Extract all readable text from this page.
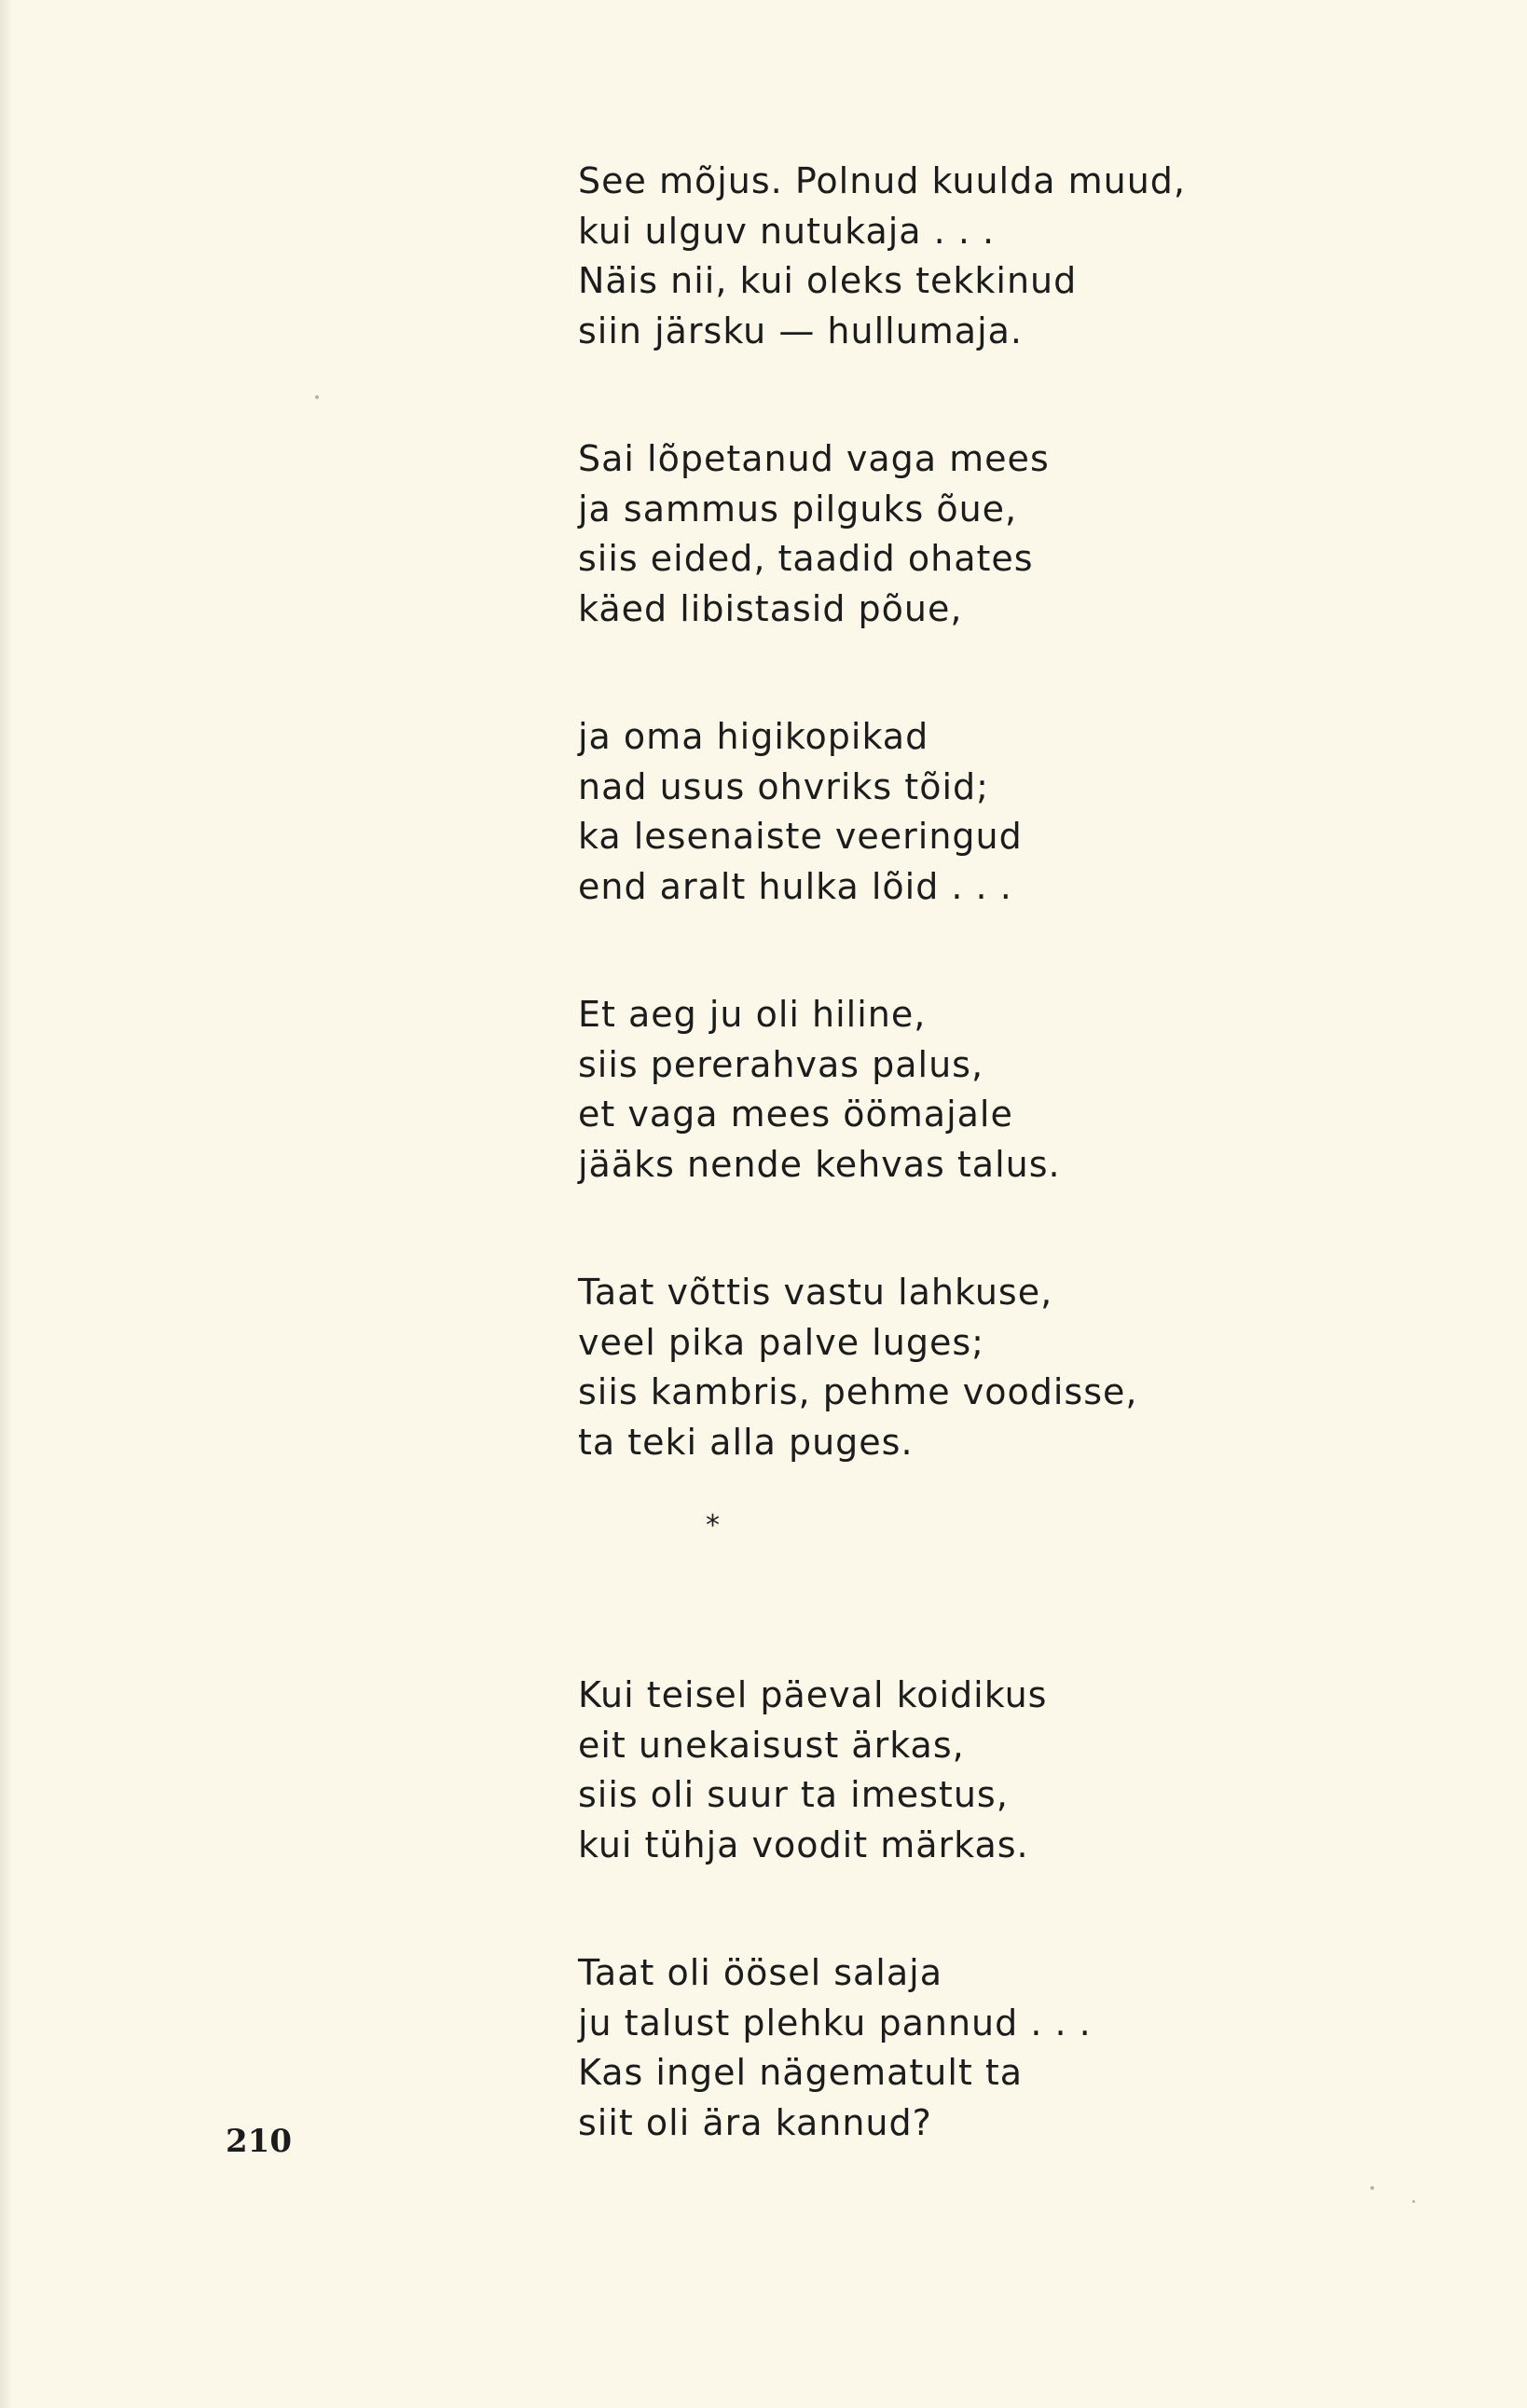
See mõjus. Polnud kuulda muud,
kui ulguv nutukaja . . .
Näis nii, kui oleks tekkinud
siin järsku — hullumaja.
Sai lõpetanud vaga mees
ja sammus pilguks õue,
siis eided, taadid ohates
käed libistasid põue,
ja oma higikopikad
nad usus ohvriks tõid;
ka lesenaiste veeringud
end aralt hulka lõid . . .
Et aeg ju oli hiline,
siis pererahvas palus,
et vaga mees öömajale
jääks nende kehvas talus.
Taat võttis vastu lahkuse,
veel pika palve luges;
siis kambris, pehme voodisse,
ta teki alla puges.
*
Kui teisel päeval koidikus
eit unekaisust ärkas,
siis oli suur ta imestus,
kui tühja voodit märkas.
Taat oli öösel salaja
ju talust plehku pannud . . .
Kas ingel nägematult ta
siit oli ära kannud?
210
